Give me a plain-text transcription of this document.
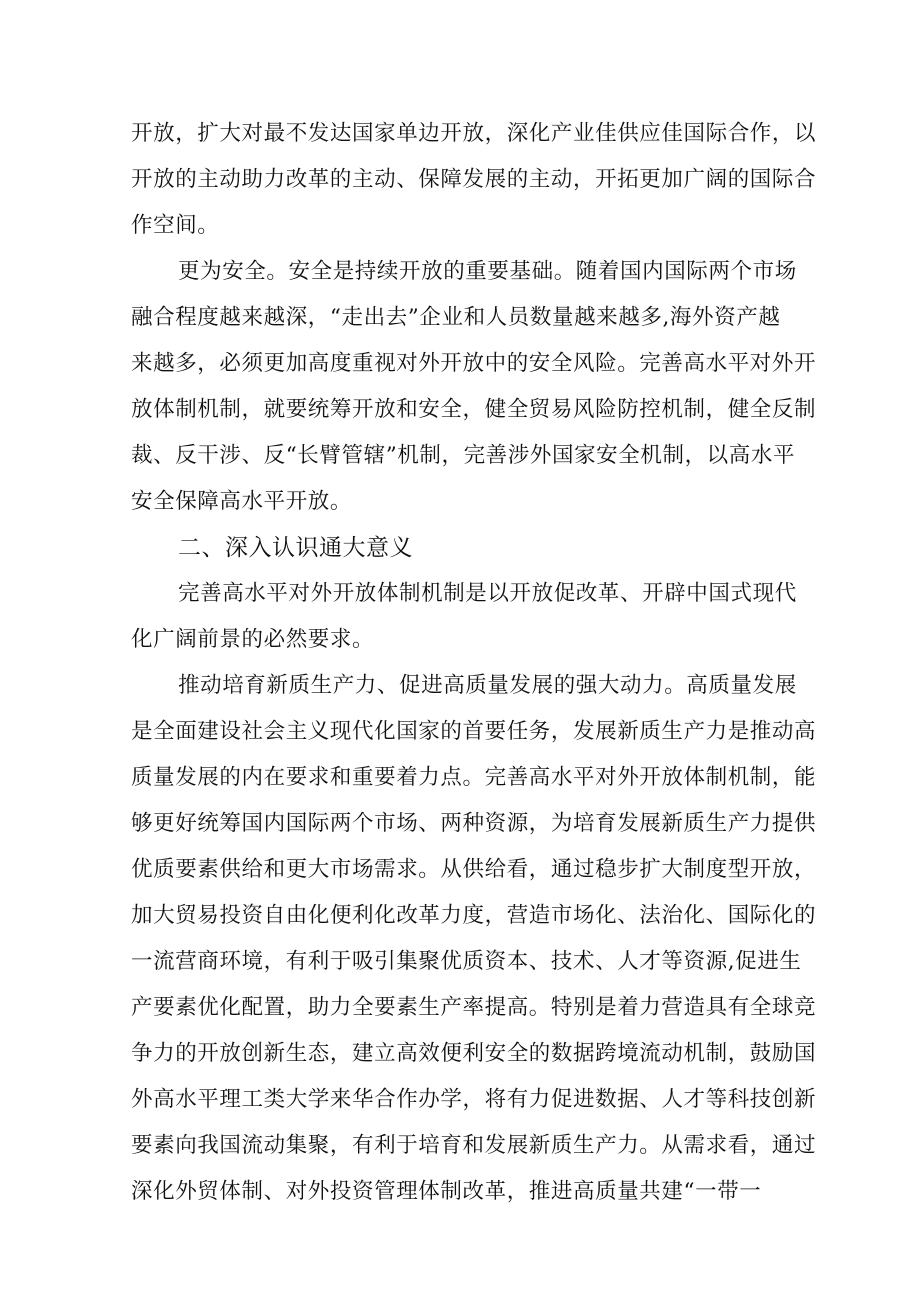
开放，扩大对最不发达国家单边开放，深化产业佳供应佳国际合作，以
开放的主动助力改革的主动、保障发展的主动，开拓更加广阔的国际合
作空间。
更为安全。安全是持续开放的重要基础。随着国内国际两个市场
融合程度越来越深，“走出去”企业和人员数量越来越多,海外资产越
来越多，必须更加高度重视对外开放中的安全风险。完善高水平对外开
放体制机制，就要统筹开放和安全，健全贸易风险防控机制，健全反制
裁、反干涉、反“长臂管辖”机制，完善涉外国家安全机制，以高水平
安全保障高水平开放。
二、深入认识通大意义
完善高水平对外开放体制机制是以开放促改革、开辟中国式现代
化广阔前景的必然要求。
推动培育新质生产力、促进高质量发展的强大动力。高质量发展
是全面建设社会主义现代化国家的首要任务，发展新质生产力是推动高
质量发展的内在要求和重要着力点。完善高水平对外开放体制机制，能
够更好统筹国内国际两个市场、两种资源，为培育发展新质生产力提供
优质要素供给和更大市场需求。从供给看，通过稳步扩大制度型开放，
加大贸易投资自由化便利化改革力度，营造市场化、法治化、国际化的
一流营商环境，有利于吸引集聚优质资本、技术、人才等资源,促进生
产要素优化配置，助力全要素生产率提高。特别是着力营造具有全球竞
争力的开放创新生态，建立高效便利安全的数据跨境流动机制，鼓励国
外高水平理工类大学来华合作办学，将有力促进数据、人才等科技创新
要素向我国流动集聚，有利于培育和发展新质生产力。从需求看，通过
深化外贸体制、对外投资管理体制改革，推进高质量共建“一带一
